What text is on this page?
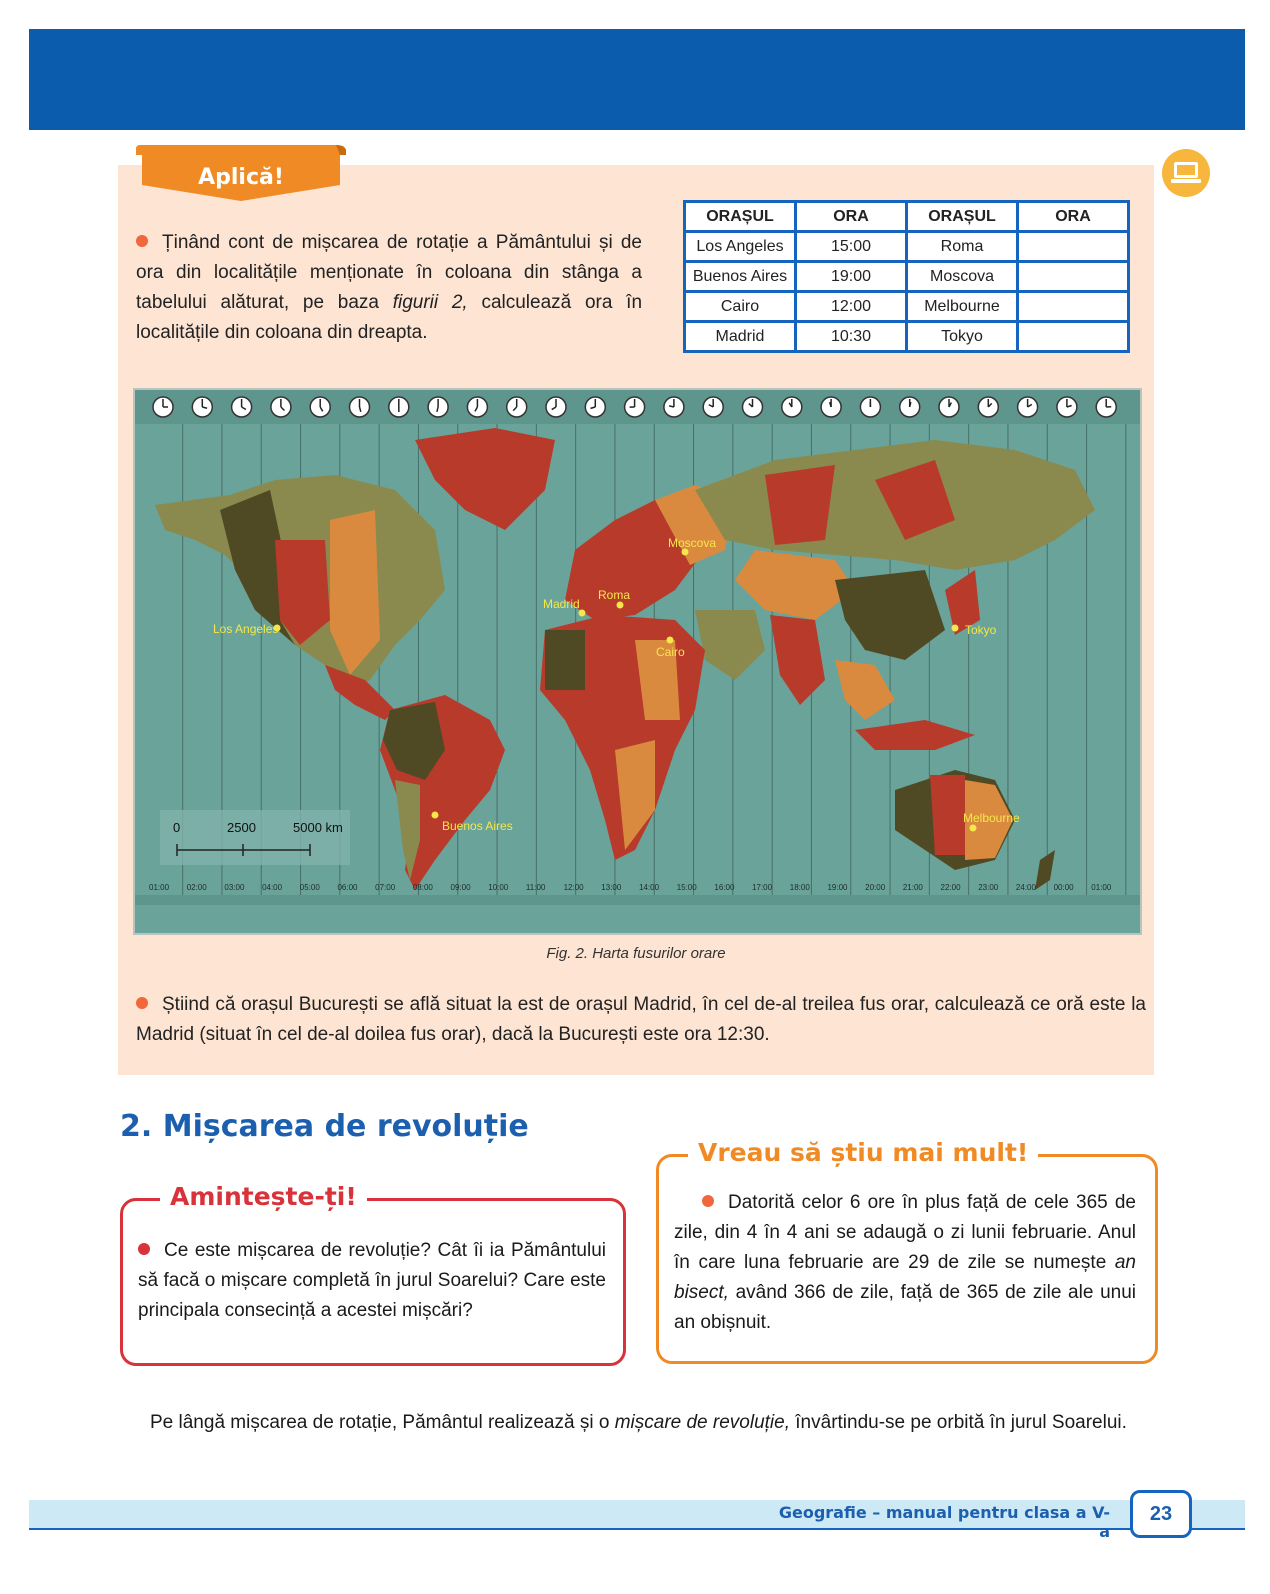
Aplică!
Ținând cont de mișcarea de rotație a Pământului și de ora din localitățile menționate în coloana din stânga a tabelului alăturat, pe baza figurii 2, calculează ora în localitățile din coloana din dreapta.
ORAȘUL	ORA	ORAȘUL	ORA
Los Angeles	15:00	Roma	
Buenos Aires	19:00	Moscova	
Cairo	12:00	Melbourne	
Madrid	10:30	Tokyo	
0	2500	5000 km
01:00 02:00 03:00 04:00 05:00 06:00 07:00 08:00 09:00 10:00 11:00 12:00 13:00 14:00 15:00 16:00 17:00 18:00 19:00 20:00 21:00 22:00 23:00 24:00 00:00 01:00
Moscova
Madrid
Roma
Los Angeles	Tokyo
Cairo
Buenos Aires
Melbourne
Fig. 2. Harta fusurilor orare
Știind că orașul București se află situat la est de orașul Madrid, în cel de-al treilea fus orar, calculează ce oră este la Madrid (situat în cel de-al doilea fus orar), dacă la București este ora 12:30.
2. Mișcarea de revoluție
Amintește-ți!
Ce este mișcarea de revoluție? Cât îi ia Pământului să facă o mișcare completă în jurul Soarelui? Care este principala consecință a acestei mișcări?
Vreau să știu mai mult!
Datorită celor 6 ore în plus față de cele 365 de zile, din 4 în 4 ani se adaugă o zi lunii februarie. Anul în care luna februarie are 29 de zile se numește an bisect, având 366 de zile, față de 365 de zile ale unui an obișnuit.
Pe lângă mișcarea de rotație, Pământul realizează și o mișcare de revoluție, învârtindu-se pe orbită în jurul Soarelui.
Geografie – manual pentru clasa a V-a
23
